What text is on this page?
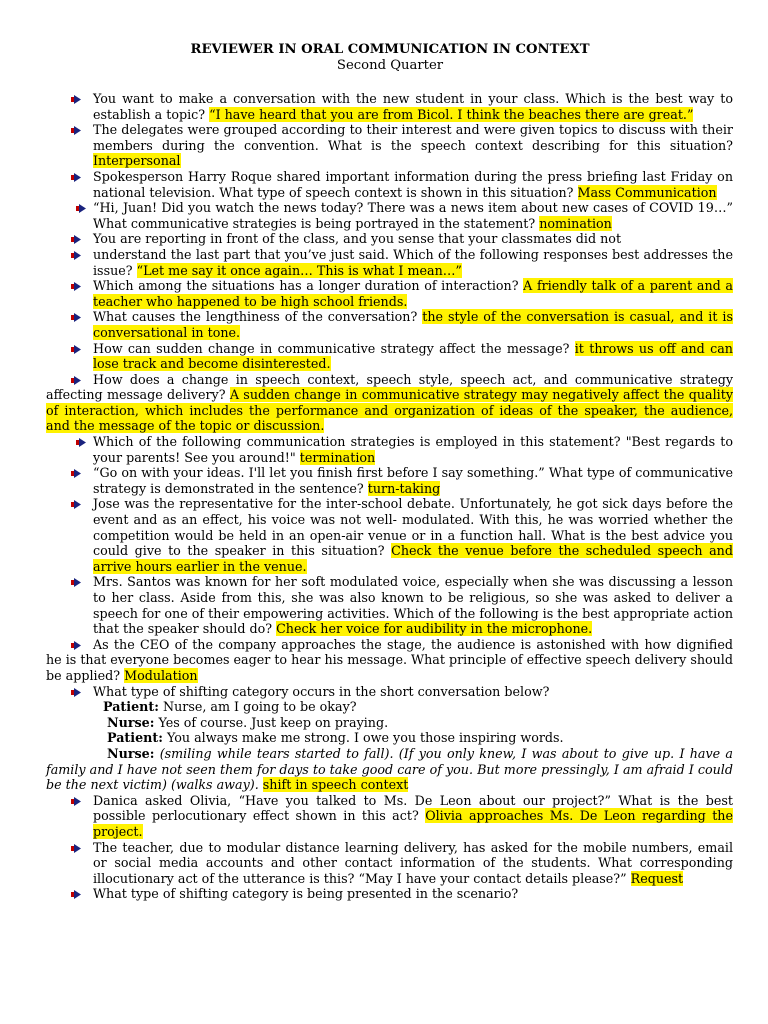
REVIEWER IN ORAL COMMUNICATION IN CONTEXT
Second Quarter
You want to make a conversation with the new student in your class. Which is the best way to establish a topic? “I have heard that you are from Bicol. I think the beaches there are great.”
The delegates were grouped according to their interest and were given topics to discuss with their members during the convention. What is the speech context describing for this situation? Interpersonal
Spokesperson Harry Roque shared important information during the press briefing last Friday on national television. What type of speech context is shown in this situation? Mass Communication
“Hi, Juan! Did you watch the news today? There was a news item about new cases of COVID 19…” What communicative strategies is being portrayed in the statement? nomination
You are reporting in front of the class, and you sense that your classmates did not
understand the last part that you’ve just said. Which of the following responses best addresses the issue? “Let me say it once again… This is what I mean…”
Which among the situations has a longer duration of interaction? A friendly talk of a parent and a teacher who happened to be high school friends.
What causes the lengthiness of the conversation? the style of the conversation is casual, and it is conversational in tone.
How can sudden change in communicative strategy affect the message? it throws us off and can lose track and become disinterested.
How does a change in speech context, speech style, speech act, and communicative strategy affecting message delivery? A sudden change in communicative strategy may negatively affect the quality of interaction, which includes the performance and organization of ideas of the speaker, the audience, and the message of the topic or discussion.
Which of the following communication strategies is employed in this statement? "Best regards to your parents! See you around!" termination
“Go on with your ideas. I'll let you finish first before I say something.” What type of communicative strategy is demonstrated in the sentence? turn-taking
Jose was the representative for the inter-school debate. Unfortunately, he got sick days before the event and as an effect, his voice was not well- modulated. With this, he was worried whether the competition would be held in an open-air venue or in a function hall. What is the best advice you could give to the speaker in this situation? Check the venue before the scheduled speech and arrive hours earlier in the venue.
Mrs. Santos was known for her soft modulated voice, especially when she was discussing a lesson to her class. Aside from this, she was also known to be religious, so she was asked to deliver a speech for one of their empowering activities. Which of the following is the best appropriate action that the speaker should do? Check her voice for audibility in the microphone.
As the CEO of the company approaches the stage, the audience is astonished with how dignified he is that everyone becomes eager to hear his message. What principle of effective speech delivery should be applied? Modulation
What type of shifting category occurs in the short conversation below?
Patient: Nurse, am I going to be okay?
Nurse: Yes of course. Just keep on praying.
Patient: You always make me strong. I owe you those inspiring words.
Nurse: (smiling while tears started to fall). (If you only knew, I was about to give up. I have a family and I have not seen them for days to take good care of you. But more pressingly, I am afraid I could be the next victim) (walks away). shift in speech context
Danica asked Olivia, “Have you talked to Ms. De Leon about our project?” What is the best possible perlocutionary effect shown in this act? Olivia approaches Ms. De Leon regarding the project.
The teacher, due to modular distance learning delivery, has asked for the mobile numbers, email or social media accounts and other contact information of the students. What corresponding illocutionary act of the utterance is this? “May I have your contact details please?” Request
What type of shifting category is being presented in the scenario?
